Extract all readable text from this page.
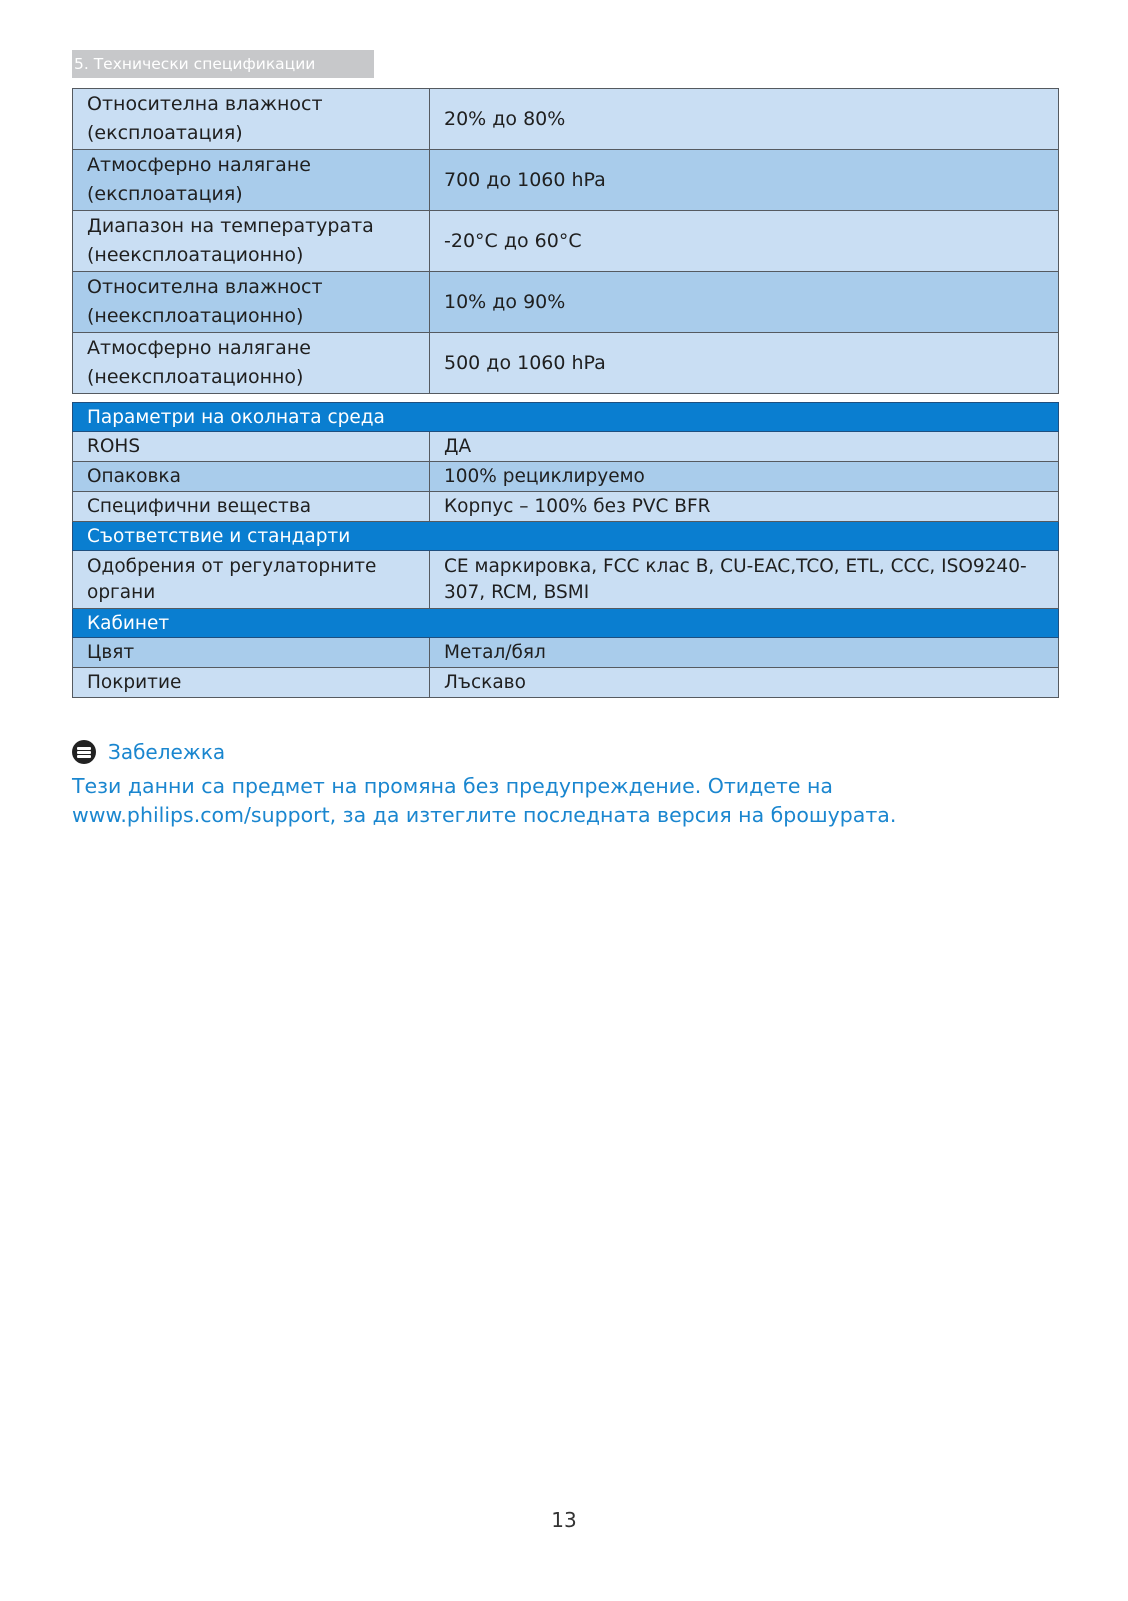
5. Технически спецификации
Относителна влажност (експлоатация)	20% до 80%
Атмосферно налягане (експлоатация)	700 до 1060 hPa
Диапазон на температурата (неексплоатационно)	-20°C до 60°C
Относителна влажност (неексплоатационно)	10% до 90%
Атмосферно налягане (неексплоатационно)	500 до 1060 hPa
Параметри на околната среда	
ROHS	ДА
Опаковка	100% рециклируемо
Специфични вещества	Корпус – 100% без PVC BFR
Съответствие и стандарти	
Одобрения от регулаторните органи	CE маркировка, FCC клас B, CU-EAC,TCO, ETL, CCC, ISO9240-307, RCM, BSMI
Кабинет	
Цвят	Метал/бял
Покритие	Лъскаво
Забележка
Тези данни са предмет на промяна без предупреждение. Отидете на www.philips.com/support, за да изтеглите последната версия на брошурата.
13
